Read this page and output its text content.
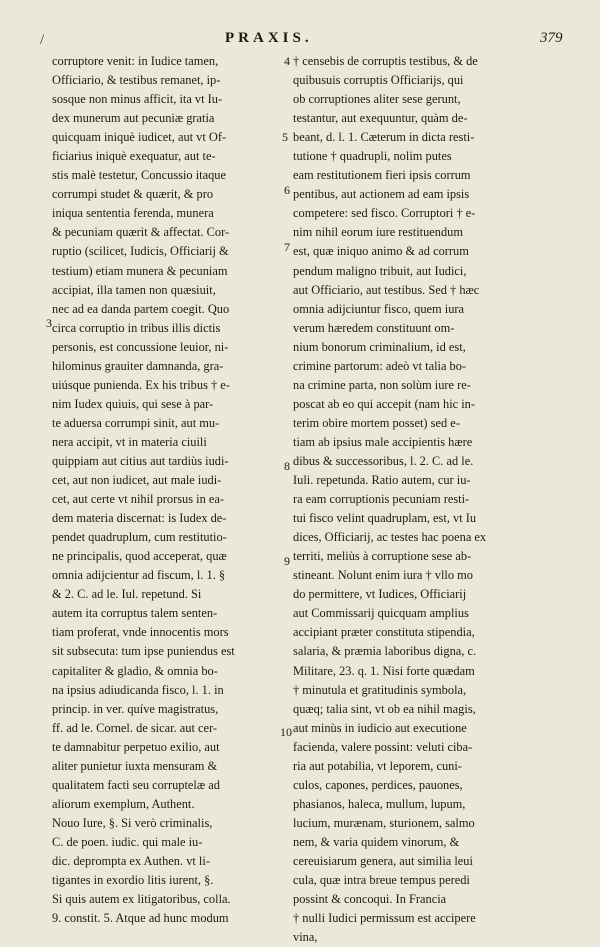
/	PRAXIS.	379
corruptore venit: in Iudice tamen,
Officiario, & testibus remanet, ip-
sosque non minus afficit, ita vt Iu-
dex munerum aut pecuniæ gratia
quicquam iniquè iudicet, aut vt Of-
ficiarius iniquè exequatur, aut te-
stis malè testetur, Concussio itaque
corrumpi studet & quærit, & pro
iniqua sententia ferenda, munera
& pecuniam quærit & affectat. Cor-
ruptio (scilicet, Iudicis, Officiarij &
testium) etiam munera & pecuniam
accipiat, illa tamen non quæsiuit,
nec ad ea danda partem coegit. Quo
circa corruptio in tribus illis dictis
personis, est concussione leuior, ni-
hilominus grauiter damnanda, gra-
uiúsque punienda. Ex his tribus † e-
nim Iudex quiuis, qui sese à par-
te aduersa corrumpi sinit, aut mu-
nera accipit, vt in materia ciuili
quippiam aut citius aut tardiùs iudi-
cet, aut non iudicet, aut male iudi-
cet, aut certe vt nihil prorsus in ea-
dem materia discernat: is Iudex de-
pendet quadruplum, cum restitutio-
ne principalis, quod acceperat, quæ
omnia adijcientur ad fiscum, l. 1. §
& 2. C. ad le. Iul. repetund. Si
autem ita corruptus talem senten-
tiam proferat, vnde innocentis mors
sit subsecuta: tum ipse puniendus est
capitaliter & gladio, & omnia bo-
na ipsius adiudicanda fisco, l. 1. in
princip. in ver. quíve magistratus,
ff. ad le. Cornel. de sicar. aut cer-
te damnabitur perpetuo exilio, aut
aliter punietur iuxta mensuram &
qualitatem facti seu corruptelæ ad
aliorum exemplum, Authent.
Nouo Iure, §. Si verò criminalis,
C. de poen. iudic. qui male iu-
dic. deprompta ex Authen. vt li-
tigantes in exordio litis iurent, §.
Si quis autem ex litigatoribus, colla.
9. constit. 5. Atque ad hunc modum
† censebis de corruptis testibus, & de
quibusuis corruptis Officiarijs, qui
ob corruptiones aliter sese gerunt,
testantur, aut exequuntur, quàm de-
beant, d. l. 1. Cæterum in dicta resti-
tutione † quadrupli, nolim putes
eam restitutionem fieri ipsis corrum
pentibus, aut actionem ad eam ipsis
competere: sed fisco. Corruptori † e-
nim nihil eorum iure restituendum
est, quæ iniquo animo & ad corrum
pendum maligno tribuit, aut Iudici,
aut Officiario, aut testibus. Sed † hæc
omnia adijciuntur fisco, quem iura
verum hæredem constituunt om-
nium bonorum criminalium, id est,
crimine partorum: adeò vt talia bo-
na crimine parta, non solùm iure re-
poscat ab eo qui accepit (nam hic in-
terim obire mortem posset) sed e-
tiam ab ipsius male accipientis hære
dibus & successoribus, l. 2. C. ad le.
Iuli. repetunda. Ratio autem, cur iu-
ra eam corruptionis pecuniam resti-
tui fisco velint quadruplam, est, vt Iu
dices, Officiarij, ac testes hac poena ex
territi, meliùs à corruptione sese ab-
stineant. Nolunt enim iura † vllo mo
do permittere, vt Iudices, Officiarij
aut Commissarij quicquam amplius
accipiant præter constituta stipendia,
salaria, & præmia laboribus digna, c.
Militare, 23. q. 1. Nisi forte quædam
† minutula et gratitudinis symbola,
quæq; talia sint, vt ob ea nihil magis,
aut minùs in iudicio aut executione
facienda, valere possint: veluti ciba-
ria aut potabilia, vt leporem, cuni-
culos, capones, perdices, pauones,
phasianos, haleca, mullum, lupum,
lucium, murænam, sturionem, salmo
nem, & varia quidem vinorum, &
cereuisiarum genera, aut similia leui
cula, quæ intra breue tempus peredi
possint & concoqui. In Francia
† nulli Iudici permissum est accipere
vina,
4
5
6
7
8
9
10
3
